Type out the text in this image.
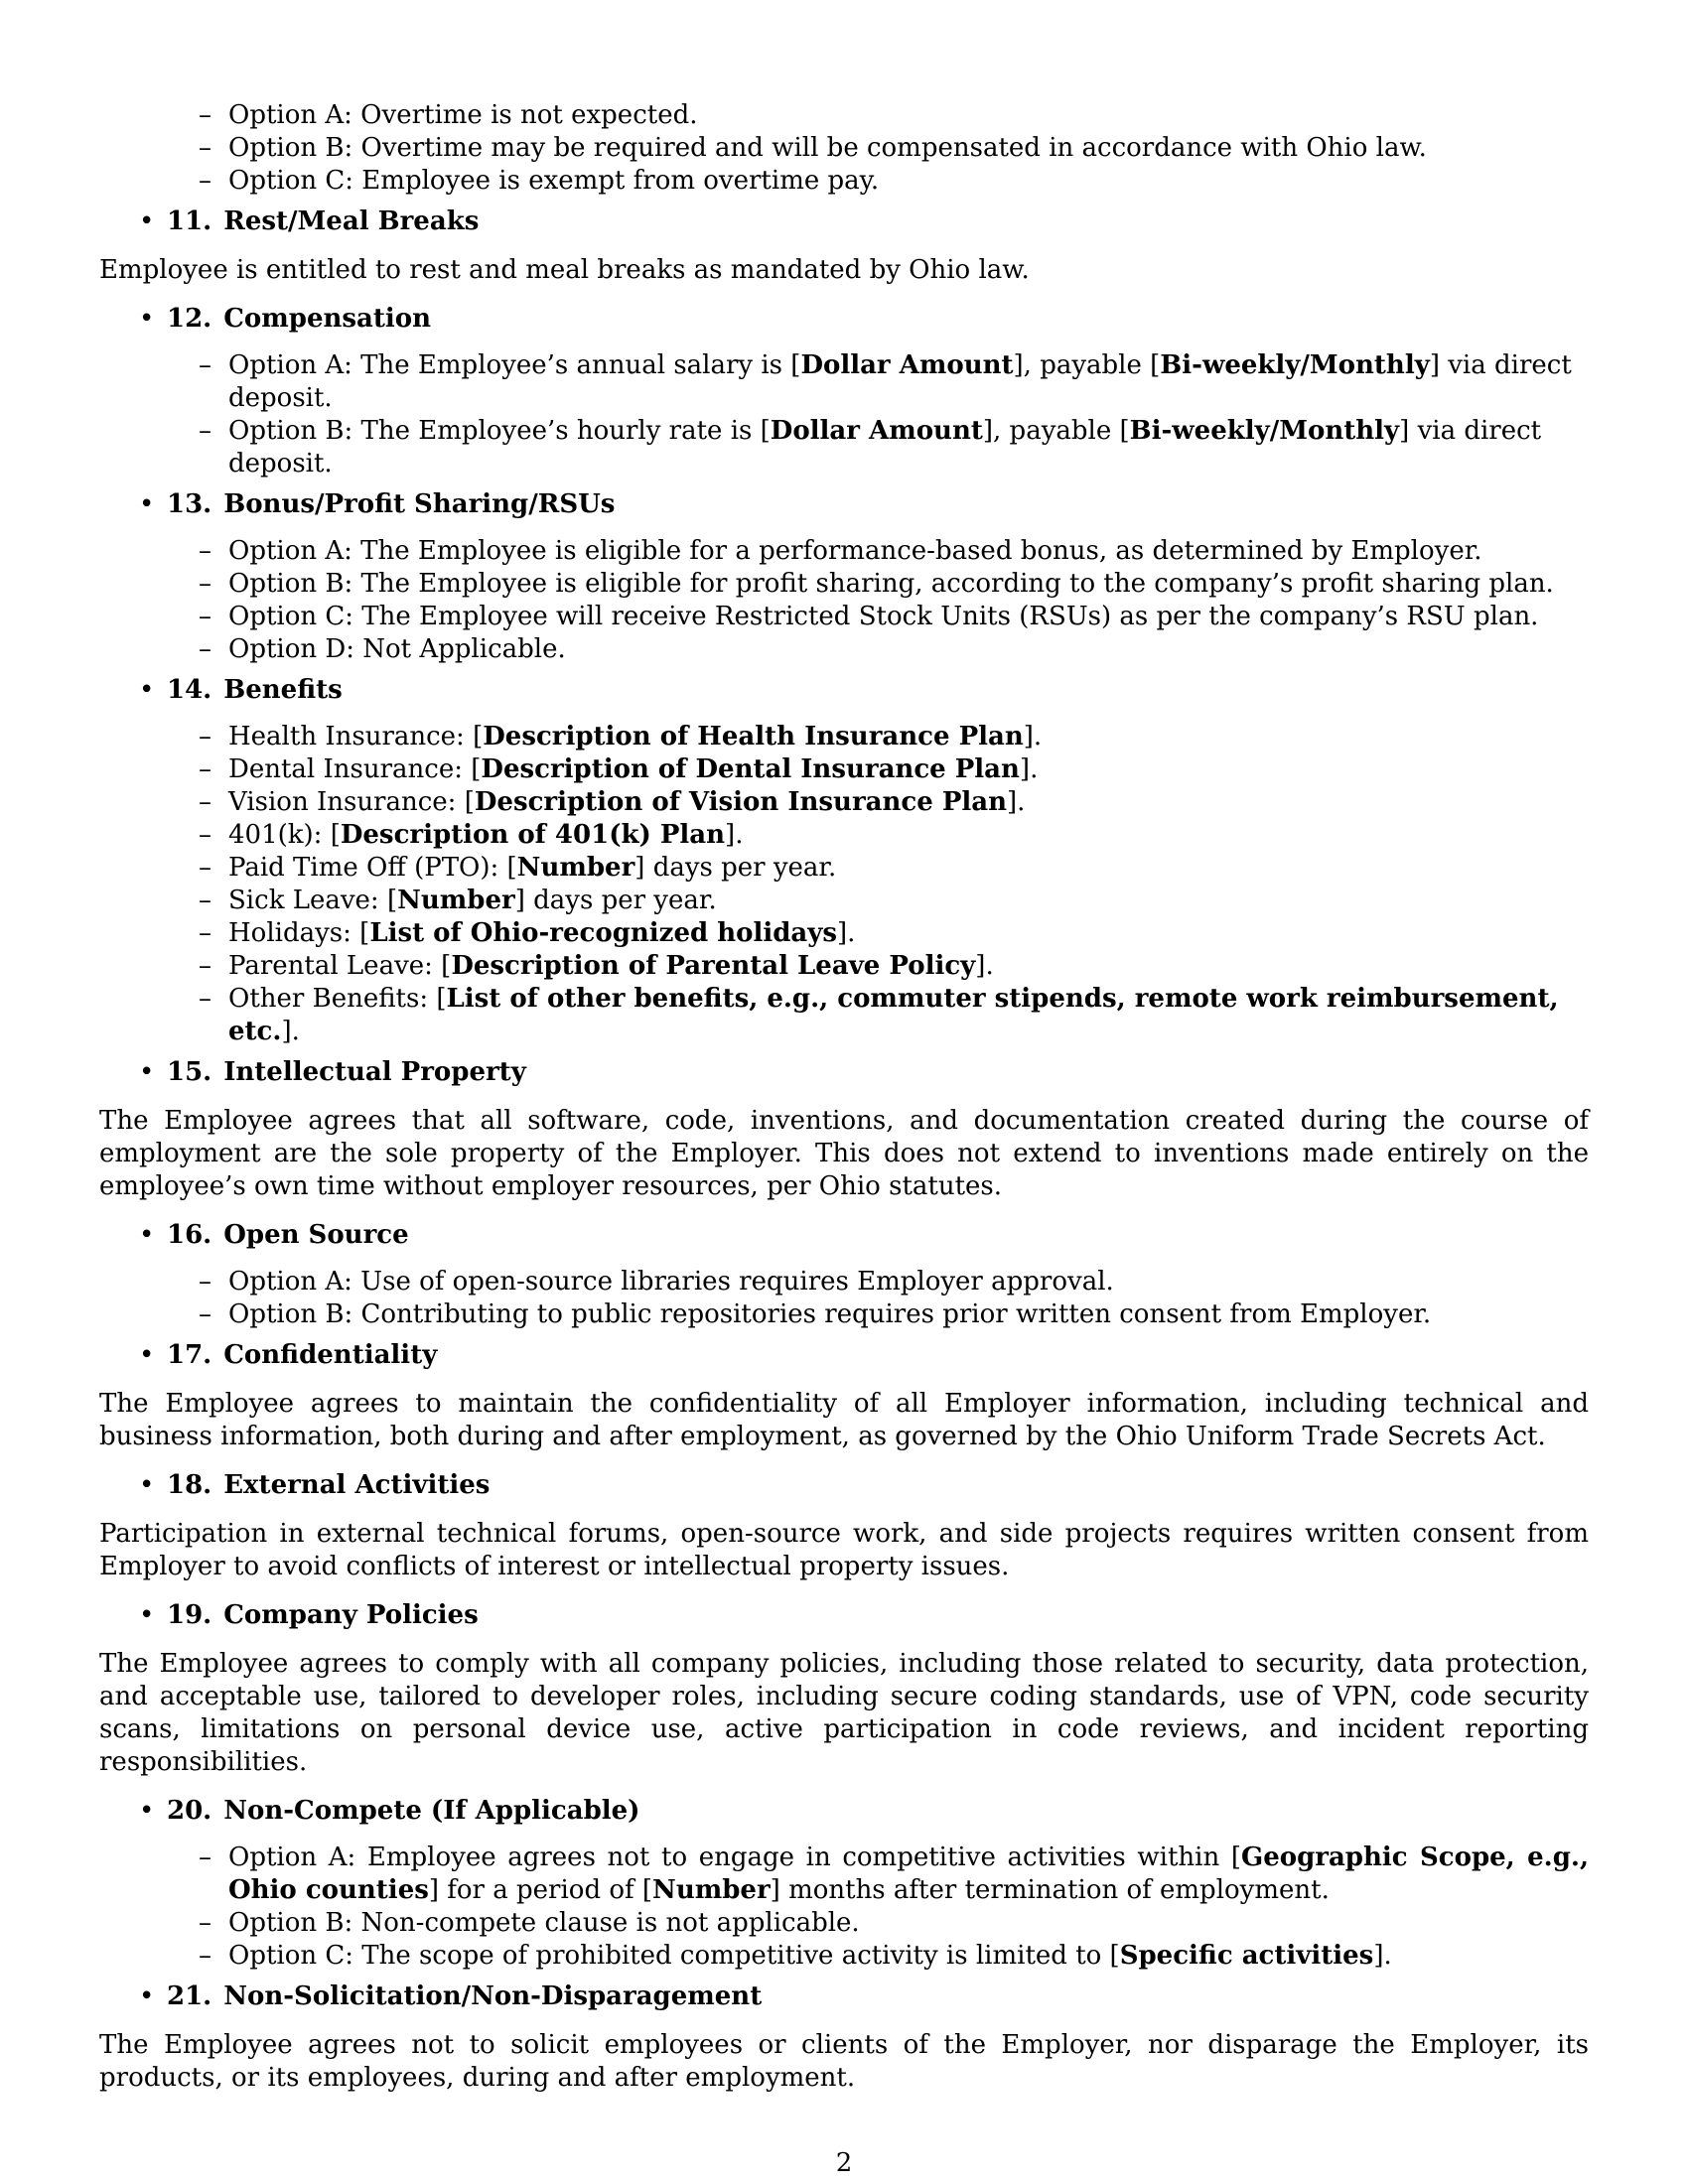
– Option A: Overtime is not expected.
– Option B: Overtime may be required and will be compensated in accordance with Ohio law.
– Option C: Employee is exempt from overtime pay.
• 11. Rest/Meal Breaks

Employee is entitled to rest and meal breaks as mandated by Ohio law.

• 12. Compensation
– Option A: The Employee’s annual salary is [Dollar Amount], payable [Bi-weekly/Monthly] via direct deposit.
– Option B: The Employee’s hourly rate is [Dollar Amount], payable [Bi-weekly/Monthly] via direct deposit.
• 13. Bonus/Profit Sharing/RSUs
– Option A: The Employee is eligible for a performance-based bonus, as determined by Employer.
– Option B: The Employee is eligible for profit sharing, according to the company’s profit sharing plan.
– Option C: The Employee will receive Restricted Stock Units (RSUs) as per the company’s RSU plan.
– Option D: Not Applicable.
• 14. Benefits
– Health Insurance: [Description of Health Insurance Plan].
– Dental Insurance: [Description of Dental Insurance Plan].
– Vision Insurance: [Description of Vision Insurance Plan].
– 401(k): [Description of 401(k) Plan].
– Paid Time Off (PTO): [Number] days per year.
– Sick Leave: [Number] days per year.
– Holidays: [List of Ohio-recognized holidays].
– Parental Leave: [Description of Parental Leave Policy].
– Other Benefits: [List of other benefits, e.g., commuter stipends, remote work reimbursement, etc.].
• 15. Intellectual Property

The Employee agrees that all software, code, inventions, and documentation created during the course of employment are the sole property of the Employer. This does not extend to inventions made entirely on the employee’s own time without employer resources, per Ohio statutes.

• 16. Open Source
– Option A: Use of open-source libraries requires Employer approval.
– Option B: Contributing to public repositories requires prior written consent from Employer.
• 17. Confidentiality

The Employee agrees to maintain the confidentiality of all Employer information, including technical and business information, both during and after employment, as governed by the Ohio Uniform Trade Secrets Act.

• 18. External Activities

Participation in external technical forums, open-source work, and side projects requires written consent from Employer to avoid conflicts of interest or intellectual property issues.

• 19. Company Policies

The Employee agrees to comply with all company policies, including those related to security, data protection, and acceptable use, tailored to developer roles, including secure coding standards, use of VPN, code security scans, limitations on personal device use, active participation in code reviews, and incident reporting responsibilities.

• 20. Non-Compete (If Applicable)
– Option A: Employee agrees not to engage in competitive activities within [Geographic Scope, e.g., Ohio counties] for a period of [Number] months after termination of employment.
– Option B: Non-compete clause is not applicable.
– Option C: The scope of prohibited competitive activity is limited to [Specific activities].
• 21. Non-Solicitation/Non-Disparagement

The Employee agrees not to solicit employees or clients of the Employer, nor disparage the Employer, its products, or its employees, during and after employment.

2
